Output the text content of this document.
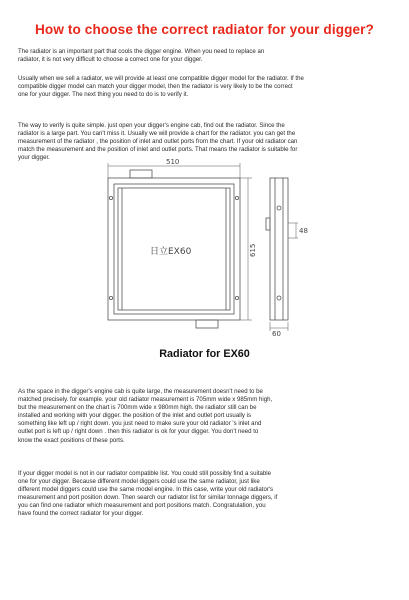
How to choose the correct radiator for your digger?
The radiator is an important part that cools the digger engine. When you need to replace an
radiator, it is not very difficult to choose a correct one for your digger.
Usually when we sell a radiator, we will provide at least one compatible digger model for the radiator. If the
compatible digger model can match your digger model, then the radiator is very likely to be the correct
one for your digger. The next thing you need to do is to verify it.
The way to verify is quite simple. just open your digger's engine cab, find out the radiator. Since the
radiator is a large part. You can't miss it. Usually we will provide a chart for the radiator. you can get the
measurement of the radiator , the position of inlet and outlet ports from the chart. If your old radiator can
match the measurement and the position of inlet and outlet ports. That means the radiator is suitable for
your digger.
510
615
48
60
日立EX60
Radiator for EX60
As the space in the digger's engine cab is quite large, the measurement doesn't need to be
matched precisely. for example. your old radiator measurement is 705mm wide x 985mm high,
but the measurement on the chart is 700mm wide x 980mm high. the radiator still can be
installed and working with your digger. the position of the inlet and outlet port usually is
something like left up / right down. you just need to make sure your old radiator 's inlet and
outlet port is left up / right down . then this radiator is ok for your digger. You don't need to
know the exact positions of these ports.
If your digger model is not in our radiator compatible list. You could still possibly find a suitable
one for your digger. Because different model diggers could use the same radiator, just like
different model diggers could use the same model engine. In this case, write your old radiator's
measurement and port position down. Then search our radiator list for similar tonnage diggers, if
you can find one radiator which measurement and port positions match. Congratulation, you
have found the correct radiator for your digger.
